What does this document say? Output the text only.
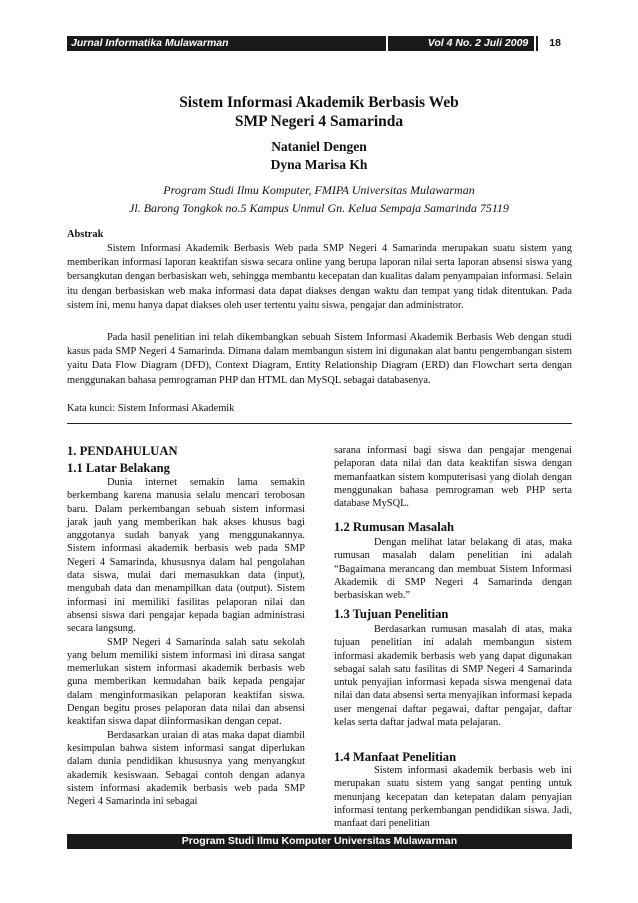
Jurnal Informatika Mulawarman	Vol 4 No. 2 Juli 2009	18
Sistem Informasi Akademik Berbasis Web
SMP Negeri 4 Samarinda
Nataniel Dengen
Dyna Marisa Kh
Program Studi Ilmu Komputer, FMIPA Universitas Mulawarman
Jl. Barong Tongkok no.5 Kampus Unmul Gn. Kelua Sempaja Samarinda 75119
Abstrak
Sistem Informasi Akademik Berbasis Web pada SMP Negeri 4 Samarinda merupakan suatu sistem yang memberikan informasi laporan keaktifan siswa secara online yang berupa laporan nilai serta laporan absensi siswa yang bersangkutan dengan berbasiskan web, sehingga membantu kecepatan dan kualitas dalam penyampaian informasi. Selain itu dengan berbasiskan web maka informasi data dapat diakses dengan waktu dan tempat yang tidak ditentukan. Pada sistem ini, menu hanya dapat diakses oleh user tertentu yaitu siswa, pengajar dan administrator.
Pada hasil penelitian ini telah dikembangkan sebuah Sistem Informasi Akademik Berbasis Web dengan studi kasus pada SMP Negeri 4 Samarinda. Dimana dalam membangun sistem ini digunakan alat bantu pengembangan sistem yaitu Data Flow Diagram (DFD), Context Diagram, Entity Relationship Diagram (ERD) dan Flowchart serta dengan menggunakan bahasa pemrograman PHP dan HTML dan MySQL sebagai databasenya.
Kata kunci: Sistem Informasi Akademik
1. PENDAHULUAN
1.1 Latar Belakang

Dunia internet semakin lama semakin berkembang karena manusia selalu mencari terobosan baru. Dalam perkembangan sebuah sistem informasi jarak jauh yang memberikan hak akses khusus bagi anggotanya sudah banyak yang menggunakannya. Sistem informasi akademik berbasis web pada SMP Negeri 4 Samarinda, khususnya dalam hal pengolahan data siswa, mulai dari memasukkan data (input), mengubah data dan menampilkan data (output). Sistem informasi ini memiliki fasilitas pelaporan nilai dan absensi siswa dari pengajar kepada bagian administrasi secara langsung.

SMP Negeri 4 Samarinda salah satu sekolah yang belum memiliki sistem informasi ini dirasa sangat memerlukan sistem informasi akademik berbasis web guna memberikan kemudahan baik kepada pengajar dalam menginformasikan pelaporan keaktifan siswa. Dengan begitu proses pelaporan data nilai dan absensi keaktifan siswa dapat diinformasikan dengan cepat.

Berdasarkan uraian di atas maka dapat diambil kesimpulan bahwa sistem informasi sangat diperlukan dalam dunia pendidikan khususnya yang menyangkut akademik kesiswaan. Sebagai contoh dengan adanya sistem informasi akademik berbasis web pada SMP Negeri 4 Samarinda ini sebagai

sarana informasi bagi siswa dan pengajar mengenai pelaporan data nilai dan data keaktifan siswa dengan memanfaatkan sistem komputerisasi yang diolah dengan menggunakan bahasa pemrograman web PHP serta database MySQL.
1.2 Rumusan Masalah
Dengan melihat latar belakang di atas, maka rumusan masalah dalam penelitian ini adalah “Bagaimana merancang dan membuat Sistem Informasi Akademik di SMP Negeri 4 Samarinda dengan berbasiskan web.”
1.3 Tujuan Penelitian
Berdasarkan rumusan masalah di atas, maka tujuan penelitian ini adalah membangun sistem informasi akademik berbasis web yang dapat digunakan sebagai salah satu fasilitas di SMP Negeri 4 Samarinda untuk penyajian informasi kepada siswa mengenai data nilai dan data absensi serta menyajikan informasi kepada user mengenai daftar pegawai, daftar pengajar, daftar kelas serta daftar jadwal mata pelajaran.
1.4 Manfaat Penelitian
Sistem informasi akademik berbasis web ini merupakan suatu sistem yang sangat penting untuk menunjang kecepatan dan ketepatan dalam penyajian informasi tentang perkembangan pendidikan siswa. Jadi, manfaat dari penelitian
Program Studi Ilmu Komputer Universitas Mulawarman
